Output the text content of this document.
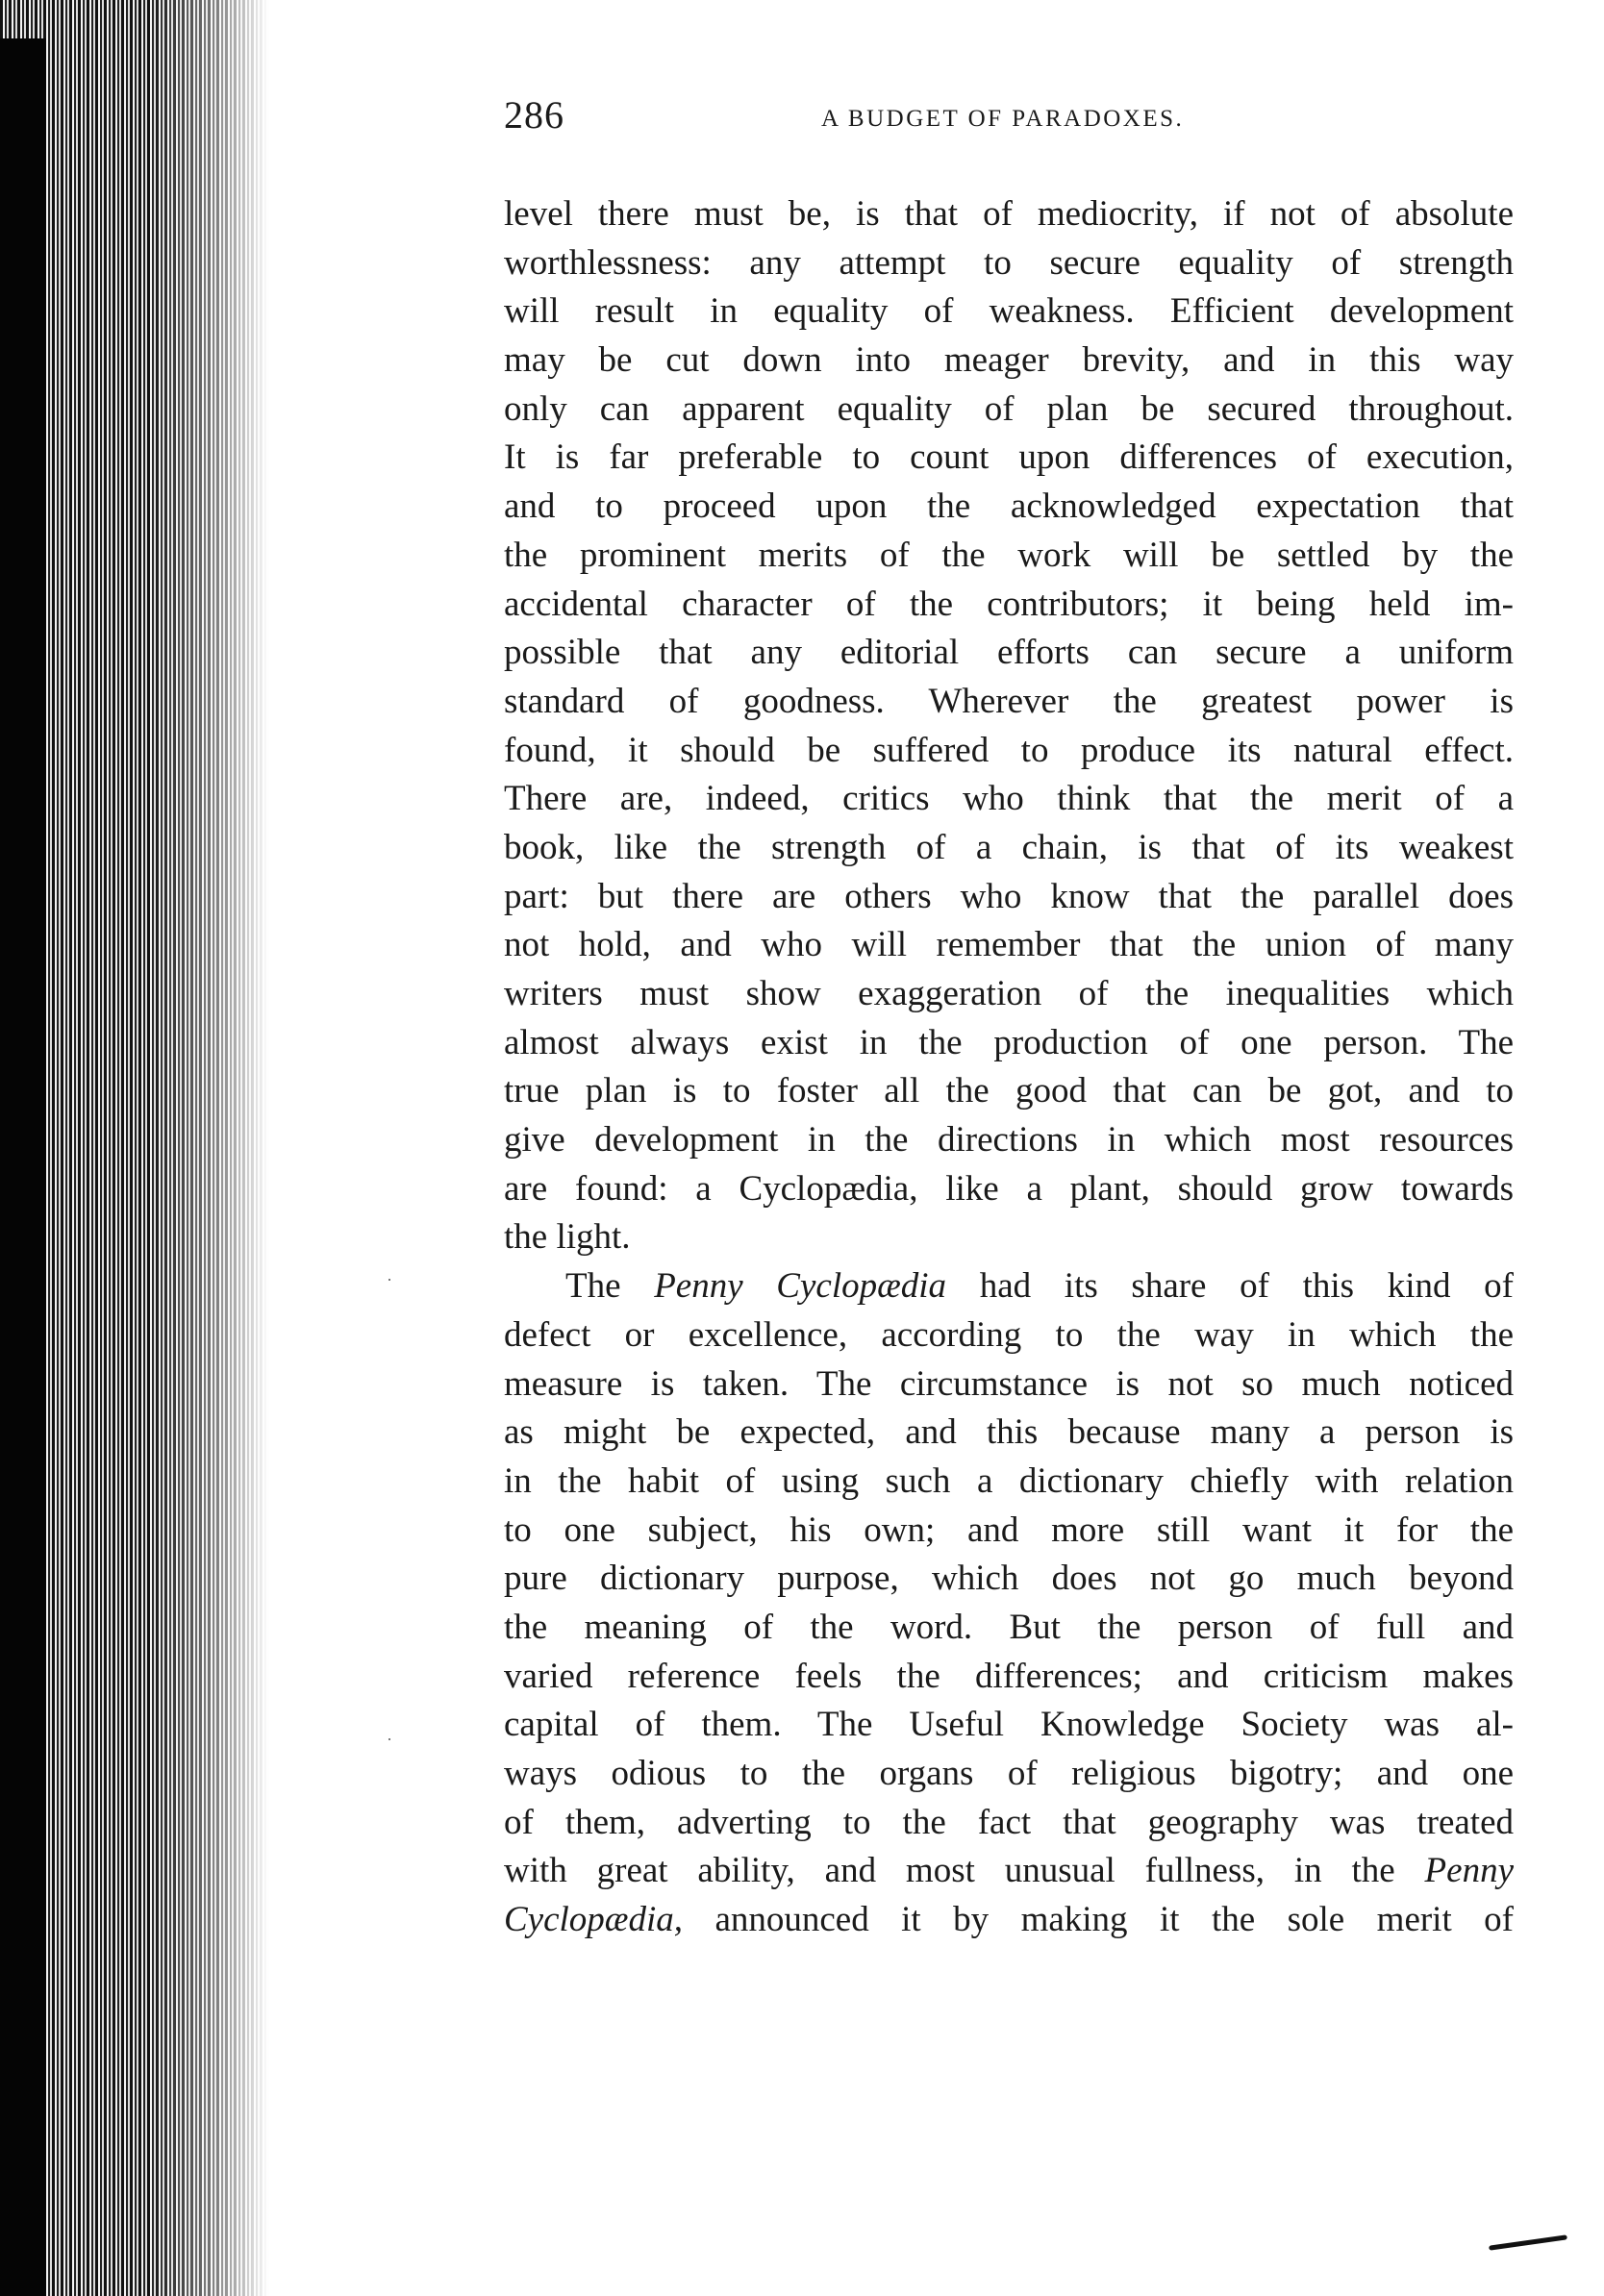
286	A BUDGET OF PARADOXES.
level there must be, is that of mediocrity, if not of absolute
worthlessness: any attempt to secure equality of strength
will result in equality of weakness. Efficient development
may be cut down into meager brevity, and in this way
only can apparent equality of plan be secured throughout.
It is far preferable to count upon differences of execution,
and to proceed upon the acknowledged expectation that
the prominent merits of the work will be settled by the
accidental character of the contributors; it being held im-
possible that any editorial efforts can secure a uniform
standard of goodness. Wherever the greatest power is
found, it should be suffered to produce its natural effect.
There are, indeed, critics who think that the merit of a
book, like the strength of a chain, is that of its weakest
part: but there are others who know that the parallel does
not hold, and who will remember that the union of many
writers must show exaggeration of the inequalities which
almost always exist in the production of one person. The
true plan is to foster all the good that can be got, and to
give development in the directions in which most resources
are found: a Cyclopædia, like a plant, should grow towards
the light.
The Penny Cyclopædia had its share of this kind of
defect or excellence, according to the way in which the
measure is taken. The circumstance is not so much noticed
as might be expected, and this because many a person is
in the habit of using such a dictionary chiefly with relation
to one subject, his own; and more still want it for the
pure dictionary purpose, which does not go much beyond
the meaning of the word. But the person of full and
varied reference feels the differences; and criticism makes
capital of them. The Useful Knowledge Society was al-
ways odious to the organs of religious bigotry; and one
of them, adverting to the fact that geography was treated
with great ability, and most unusual fullness, in the Penny
Cyclopædia, announced it by making it the sole merit of
